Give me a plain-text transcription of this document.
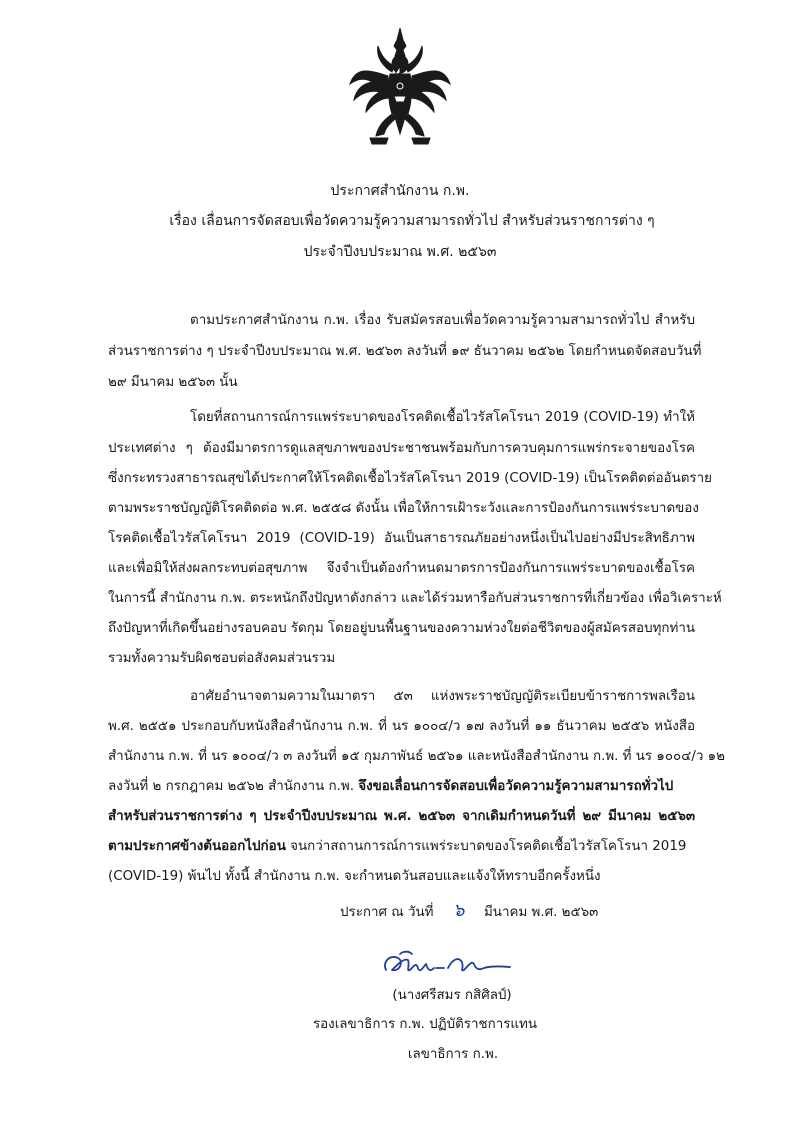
ประกาศสำนักงาน ก.พ.
เรื่อง เลื่อนการจัดสอบเพื่อวัดความรู้ความสามารถทั่วไป สำหรับส่วนราชการต่าง ๆ
ประจำปีงบประมาณ พ.ศ. ๒๕๖๓
ตามประกาศสำนักงาน ก.พ. เรื่อง รับสมัครสอบเพื่อวัดความรู้ความสามารถทั่วไป สำหรับ
ส่วนราชการต่าง ๆ ประจำปีงบประมาณ พ.ศ. ๒๕๖๓ ลงวันที่ ๑๙ ธันวาคม ๒๕๖๒ โดยกำหนดจัดสอบวันที่
๒๙ มีนาคม ๒๕๖๓ นั้น
โดยที่สถานการณ์การแพร่ระบาดของโรคติดเชื้อไวรัสโคโรนา 2019 (COVID-19) ทำให้
ประเทศต่าง ๆ ต้องมีมาตรการดูแลสุขภาพของประชาชนพร้อมกับการควบคุมการแพร่กระจายของโรค
ซึ่งกระทรวงสาธารณสุขได้ประกาศให้โรคติดเชื้อไวรัสโคโรนา 2019 (COVID-19) เป็นโรคติดต่ออันตราย
ตามพระราชบัญญัติโรคติดต่อ พ.ศ. ๒๕๕๘ ดังนั้น เพื่อให้การเฝ้าระวังและการป้องกันการแพร่ระบาดของ
โรคติดเชื้อไวรัสโคโรนา 2019 (COVID-19) อันเป็นสาธารณภัยอย่างหนึ่งเป็นไปอย่างมีประสิทธิภาพ
และเพื่อมิให้ส่งผลกระทบต่อสุขภาพ จึงจำเป็นต้องกำหนดมาตรการป้องกันการแพร่ระบาดของเชื้อโรค
ในการนี้ สำนักงาน ก.พ. ตระหนักถึงปัญหาดังกล่าว และได้ร่วมหารือกับส่วนราชการที่เกี่ยวข้อง เพื่อวิเคราะห์
ถึงปัญหาที่เกิดขึ้นอย่างรอบคอบ รัดกุม โดยอยู่บนพื้นฐานของความห่วงใยต่อชีวิตของผู้สมัครสอบทุกท่าน
รวมทั้งความรับผิดชอบต่อสังคมส่วนรวม
อาศัยอำนาจตามความในมาตรา ๕๓ แห่งพระราชบัญญัติระเบียบข้าราชการพลเรือน
พ.ศ. ๒๕๕๑ ประกอบกับหนังสือสำนักงาน ก.พ. ที่ นร ๑๐๐๔/ว ๑๗ ลงวันที่ ๑๑ ธันวาคม ๒๕๕๖ หนังสือ
สำนักงาน ก.พ. ที่ นร ๑๐๐๔/ว ๓ ลงวันที่ ๑๕ กุมภาพันธ์ ๒๕๖๑ และหนังสือสำนักงาน ก.พ. ที่ นร ๑๐๐๔/ว ๑๒
ลงวันที่ ๒ กรกฎาคม ๒๕๖๒ สำนักงาน ก.พ. จึงขอเลื่อนการจัดสอบเพื่อวัดความรู้ความสามารถทั่วไป
สำหรับส่วนราชการต่าง ๆ ประจำปีงบประมาณ พ.ศ. ๒๕๖๓ จากเดิมกำหนดวันที่ ๒๙ มีนาคม ๒๕๖๓
ตามประกาศข้างต้นออกไปก่อน จนกว่าสถานการณ์การแพร่ระบาดของโรคติดเชื้อไวรัสโคโรนา 2019
(COVID-19) พ้นไป ทั้งนี้ สำนักงาน ก.พ. จะกำหนดวันสอบและแจ้งให้ทราบอีกครั้งหนึ่ง
ประกาศ ณ วันที่ ๖ มีนาคม พ.ศ. ๒๕๖๓
(นางศรีสมร กสิศิลป์)
รองเลขาธิการ ก.พ. ปฏิบัติราชการแทน
เลขาธิการ ก.พ.
